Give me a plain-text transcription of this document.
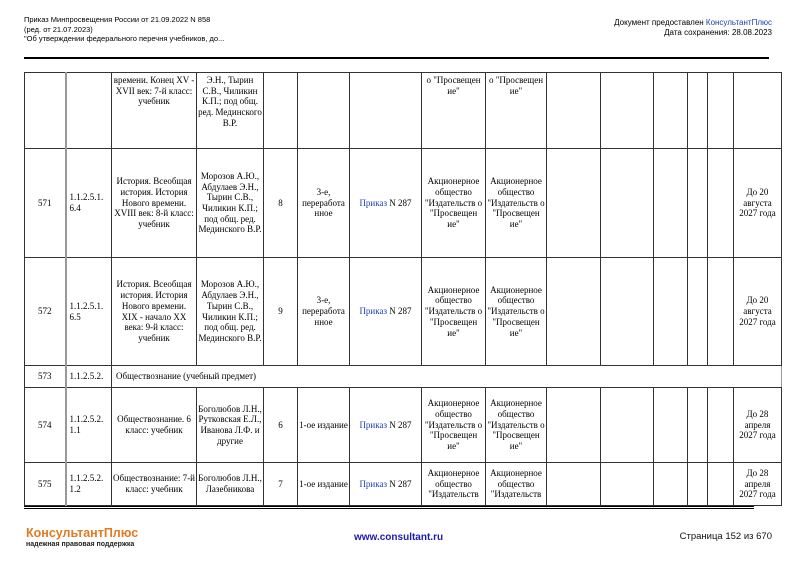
Приказ Минпросвещения России от 21.09.2022 N 858
(ред. от 21.07.2023)
"Об утверждении федерального перечня учебников, до...
Документ предоставлен КонсультантПлюс
Дата сохранения: 28.08.2023
		времени. Конец XV - XVII век: 7-й класс: учебник	Э.Н., Тырин С.В., Чиликин К.П.; под общ. ред. Мединского В.Р.				о "Просвещен ие"	о "Просвещен ие"						
571	1.1.2.5.1. 6.4	История. Всеобщая история. История Нового времени. XVIII век: 8-й класс: учебник	Морозов А.Ю., Абдулаев Э.Н., Тырин С.В., Чиликин К.П.; под общ. ред. Мединского В.Р.	8	3-е, переработа нное	Приказ N 287	Акционерное общество "Издательств о "Просвещен ие"	Акционерное общество "Издательств о "Просвещен ие"						До 20 августа 2027 года
572	1.1.2.5.1. 6.5	История. Всеобщая история. История Нового времени. XIX - начало XX века: 9-й класс: учебник	Морозов А.Ю., Абдулаев Э.Н., Тырин С.В., Чиликин К.П.; под общ. ред. Мединского В.Р.	9	3-е, переработа нное	Приказ N 287	Акционерное общество "Издательств о "Просвещен ие"	Акционерное общество "Издательств о "Просвещен ие"						До 20 августа 2027 года
573	1.1.2.5.2.	Обществознание (учебный предмет)												
574	1.1.2.5.2. 1.1	Обществознание. 6 класс: учебник	Боголюбов Л.Н., Рутковская Е.Л., Иванова Л.Ф. и другие	6	1-ое издание	Приказ N 287	Акционерное общество "Издательств о "Просвещен ие"	Акционерное общество "Издательств о "Просвещен ие"						До 28 апреля 2027 года
575	1.1.2.5.2. 1.2	Обществознание: 7-й класс: учебник	Боголюбов Л.Н., Лазебникова	7	1-ое издание	Приказ N 287	Акционерное общество "Издательств	Акционерное общество "Издательств						До 28 апреля 2027 года
КонсультантПлюс
надежная правовая поддержка
www.consultant.ru	Страница 152 из 670
